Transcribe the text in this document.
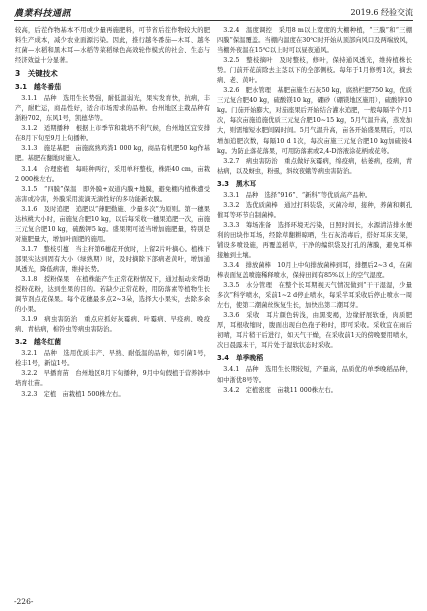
農業科技通訊	2019.6 经验交流

较高，后茬作物基本不用或少量再施肥料，可节省后茬作物较大的肥料生产成本，减少农业面源污染。因此，推行越冬番茄—木耳、越冬红菌—水稻和黑木耳—水稻等菜稻绿色高效轮作模式的社会、生态与经济效益十分显著。

3　关键技术
3.1　越冬番茄

3.1.1　品种　选用生长势强，耐低温弱光，果实发育快，抗病，丰产，耐贮运，商品性好，适合市场需求的品种。台州地区主栽品种有浙粉702，东风1号，凯德华等。

3.1.2　适期播种　根据上市季节和栽培不利气候，台州地区宜安排在8月下旬至9月上旬播种。

3.1.3　施足基肥　亩施腐熟鸡粪1 000 kg，商品有机肥50 kg作基肥。基肥在翻地时施入。

3.1.4　合理密植　每畦种两行，采用单秆整枝，株距40 cm，亩栽2 000株左右。

3.1.5　“四膜”保温　即外膜+双道内膜+地膜，避免棚内植株遭受冻害或冷害，外膜采用流滴无滴性好的多功能新农膜。

3.1.6　及时追肥　追肥以“薄肥勤施、少量多次”为原则。第一穗果达核桃大小时，亩施复合肥10 kg，以后每采收一穗果追肥一次，亩施三元复合肥10 kg，硫酸钾5 kg。盛果期可适当增加施肥量，特别是对施肥量大，增加叶面肥的施用。

3.1.7　整枝引蔓　当主秆第6穗花开放时，上留2片叶摘心。植株下部果实达到固有大小（绿熟期）时，及时摘除下部病老黄叶，增加通风透光，降低病害，维持长势。

3.1.8　授粉保果　在植株能产生正常花粉情况下，通过振动来帮助授粉花粉，达到坐果的目的。若缺少正常花粉，用防落素等植物生长调节剂点花保果。每个花穗最多点2~3朵，选择大小果实，去除多余的小果。

3.1.9　病虫害防治　重点应抓好灰霉病、叶霉病、早疫病、晚疫病、青枯病，棉铃虫等病虫害防治。

3.2　越冬红菌

3.2.1　品种　选用优质丰产、早熟、耐低温的品种，如引菌1号，栓丰1号，新谊1号。

3.2.2　早播育苗　台州地区8月下旬播种，9月中旬假植于营养钵中培育壮苗。

3.2.3　定植　亩栽植1 500株左右。

3.2.4　温度调控　采用8 m以上宽度的大棚种植，“三膜”和“三棚四膜”保温覆盖。当棚内温度在30℃时开始从顶部向风口及两端放风，当棚外夜温在15℃以上时可以昼夜通风。

3.2.5　整枝摘叶　及时整枝，修叶，保持通风透光，维持植株长势。门前开花前除去主茎以下的全部侧枝。每年于1月修剪1次，摘去病、老、黄叶。

3.2.6　肥水管理　基肥亩施生石灰50 kg，腐熟栏肥750 kg，优质三元复合肥40 kg，硫酸镁10 kg，硼砂（硼镁地区施用），硫酸锌10 kg。门茄开始膨大，对茄座果后开始结合灌水追肥，一般每隔半个月1次，每次亩施追施优质三元复合肥10~15 kg，5月气温升高，蒸发加大，则需缩短水肥间隔时间。5月气温升高，亩各开始盛果期后，可以增加追肥次数，每隔10 d 1次，每次亩施三元复合肥10 kg加硫铵4 kg。为防止落花落果，可用防落素或2,4-D溶液涂花柄或花萼。

3.2.7　病虫害防治　重点做好灰霉病，绵疫病，枯萎病，疫病，青枯病，以及蚜虫，粉虱，斜纹夜蛾等病虫害防治。

3.3　黑木耳

3.3.1　品种　选择“916”、“新科”等优质高产品种。

3.3.2　选优质菌棒　通过打料装袋，灭菌冷却，接种，养菌和刺孔催耳等环节自制菌棒。

3.3.3　筹场准备　选择环境无污染，日照时间长，水源清洁排水便利的田块作耳场，经除草翻耕晾晒，生石灰消毒后，搭好耳床支架，铺设多喷设施，再覆盖稻草，干净的编织袋及打孔的薄膜，避免耳棒接触到土壤。

3.3.4　排放菌棒　10月上中旬排放菌棒到耳，排摆后2~3 d，在菌棒表面复盖喷施稀释喷水，保持田间有85%以上的空气湿度。

3.3.5　水分管理　在整个长耳期视天气情况做到“干干湿湿，少量多次”科学喷水，采前1~2 d停止喷水，每采半耳采收后停止喷水一周左右，使第二潮菌丝恢复生长，加快出第二潮耳芽。

3.3.6　采收　耳片颜色转浅，由黑变褐，边缘舒展软垂，肉质肥厚，耳根收缩时，腹面出现白色孢子粉时，即可采收。采收宜在雨后初晴，耳片稍干后进行，如天气干燥，在采收前1天的傍晚要用喷水，次日晨露未干，耳片处于湿软状态时采收。

3.4　单季晚稻

3.4.1　品种　选用生长期较短，产量高，品质优的单季晚稻品种，如中浙优8号等。

3.4.2　定植密度　亩栽11 000株左右。

-226-
